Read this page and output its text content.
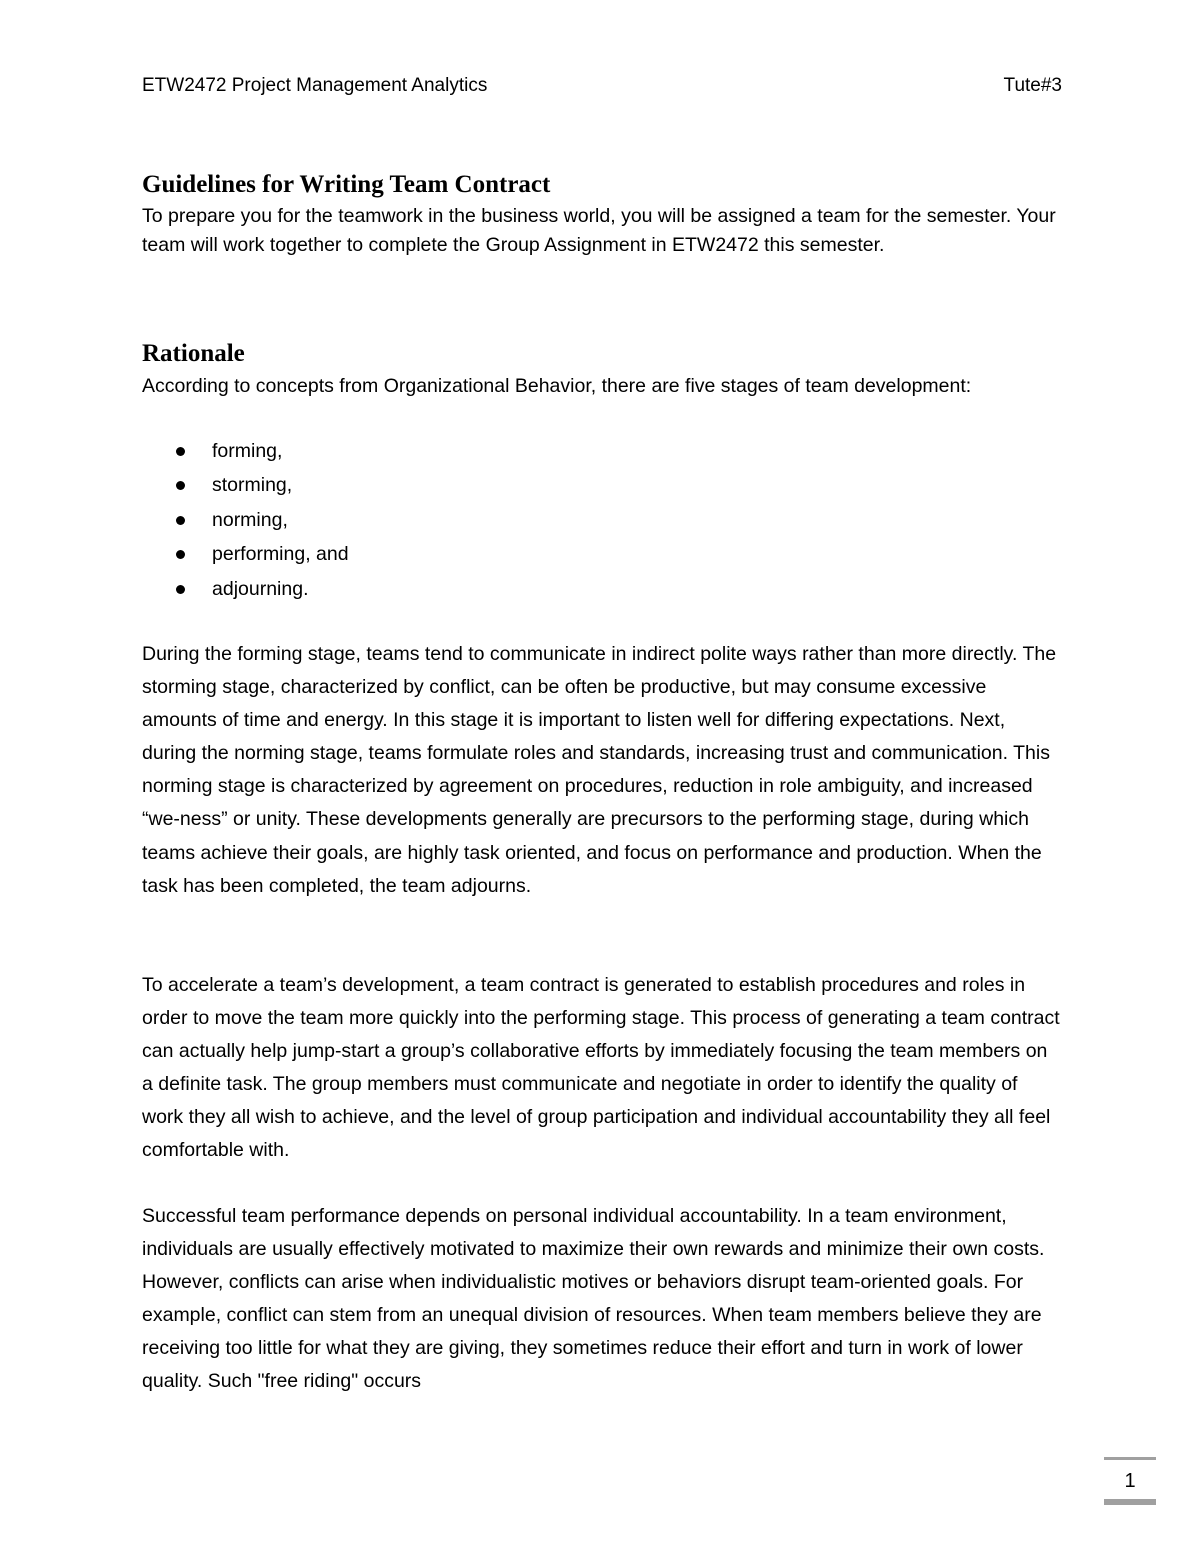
ETW2472 Project Management Analytics	Tute#3
Guidelines for Writing Team Contract
To prepare you for the teamwork in the business world, you will be assigned a team for the semester. Your team will work together to complete the Group Assignment in ETW2472 this semester.
Rationale
According to concepts from Organizational Behavior, there are five stages of team development:
forming,
storming,
norming,
performing, and
adjourning.
During the forming stage, teams tend to communicate in indirect polite ways rather than more directly. The storming stage, characterized by conflict, can be often be productive, but may consume excessive amounts of time and energy. In this stage it is important to listen well for differing expectations. Next, during the norming stage, teams formulate roles and standards, increasing trust and communication. This norming stage is characterized by agreement on procedures, reduction in role ambiguity, and increased “we-ness” or unity. These developments generally are precursors to the performing stage, during which teams achieve their goals, are highly task oriented, and focus on performance and production. When the task has been completed, the team adjourns.
To accelerate a team’s development, a team contract is generated to establish procedures and roles in order to move the team more quickly into the performing stage. This process of generating a team contract can actually help jump-start a group’s collaborative efforts by immediately focusing the team members on a definite task. The group members must communicate and negotiate in order to identify the quality of work they all wish to achieve, and the level of group participation and individual accountability they all feel comfortable with.
Successful team performance depends on personal individual accountability. In a team environment, individuals are usually effectively motivated to maximize their own rewards and minimize their own costs. However, conflicts can arise when individualistic motives or behaviors disrupt team-oriented goals. For example, conflict can stem from an unequal division of resources. When team members believe they are receiving too little for what they are giving, they sometimes reduce their effort and turn in work of lower quality. Such "free riding" occurs
1
